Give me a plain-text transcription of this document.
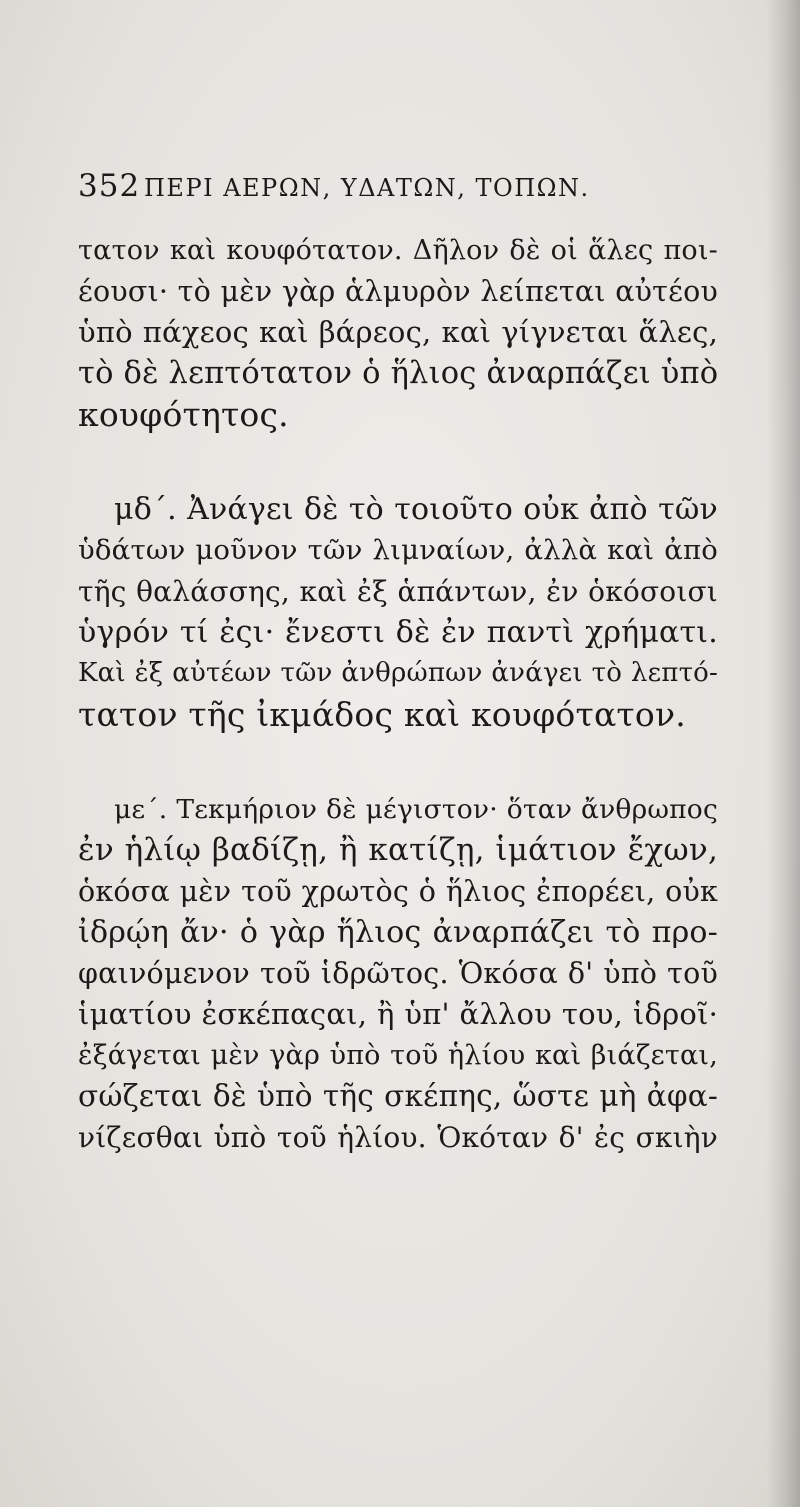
352 ΠΕΡΙ ΑΕΡΩΝ, ΥΔΑΤΩΝ, ΤΟΠΩΝ.
τατον καὶ κουφότατον. Δῆλον δὲ οἱ ἅλες ποι-
έουσι· τὸ μὲν γὰρ ἁλμυρὸν λείπεται αὐτέου
ὑπὸ πάχεος καὶ βάρεος, καὶ γίγνεται ἅλες,
τὸ δὲ λεπτότατον ὁ ἥλιος ἀναρπάζει ὑπὸ
κουφότητος.
μδ΄. Ἀνάγει δὲ τὸ τοιοῦτο οὐκ ἀπὸ τῶν
ὑδάτων μοῦνον τῶν λιμναίων, ἀλλὰ καὶ ἀπὸ
τῆς θαλάσσης, καὶ ἐξ ἁπάντων, ἐν ὁκόσοισι
ὑγρόν τί ἐςι· ἔνεστι δὲ ἐν παντὶ χρήματι.
Καὶ ἐξ αὐτέων τῶν ἀνθρώπων ἀνάγει τὸ λεπτό-
τατον τῆς ἰκμάδος καὶ κουφότατον.
με΄. Τεκμήριον δὲ μέγιστον· ὅταν ἄνθρωπος
ἐν ἡλίῳ βαδίζῃ, ἢ κατίζῃ, ἱμάτιον ἔχων,
ὁκόσα μὲν τοῦ χρωτὸς ὁ ἥλιος ἐπορέει, οὐκ
ἰδρῴη ἄν· ὁ γὰρ ἥλιος ἀναρπάζει τὸ προ-
φαινόμενον τοῦ ἱδρῶτος. Ὁκόσα δ' ὑπὸ τοῦ
ἱματίου ἐσκέπαςαι, ἢ ὑπ' ἄλλου του, ἱδροῖ·
ἐξάγεται μὲν γὰρ ὑπὸ τοῦ ἡλίου καὶ βιάζεται,
σώζεται δὲ ὑπὸ τῆς σκέπης, ὥστε μὴ ἀφα-
νίζεσθαι ὑπὸ τοῦ ἡλίου. Ὁκόταν δ' ἐς σκιὴν
